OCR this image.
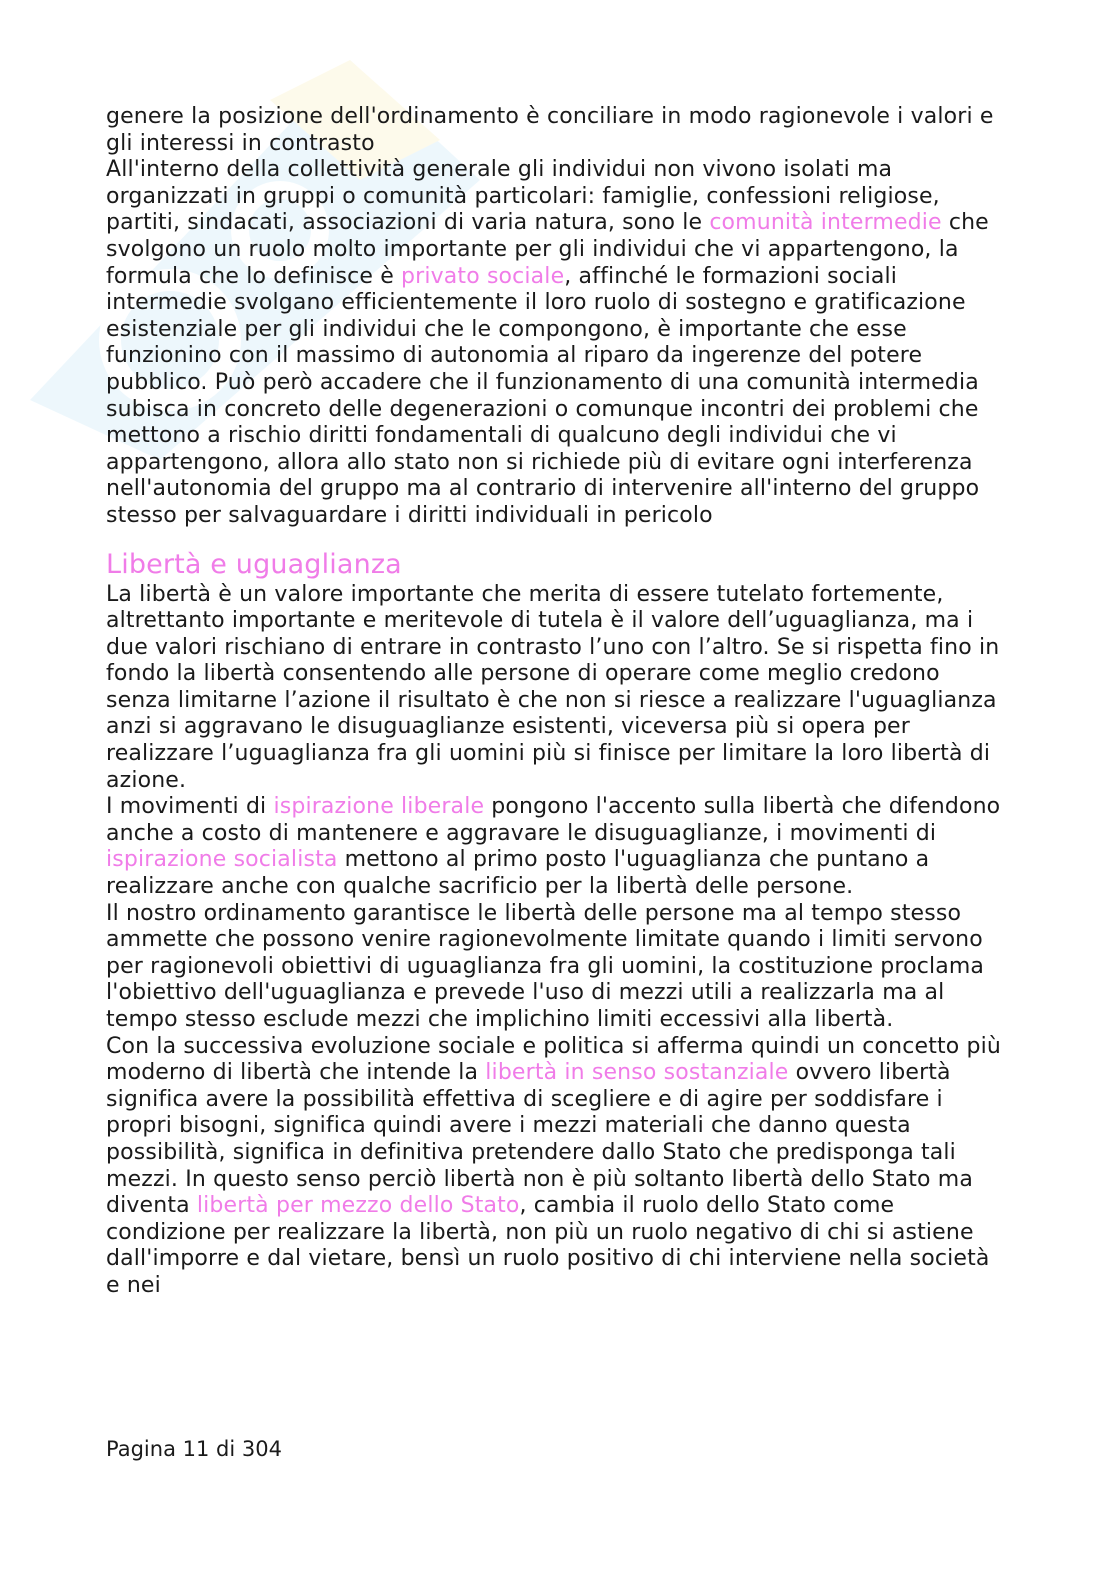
genere la posizione dell'ordinamento è conciliare in modo ragionevole i valori e gli interessi in contrasto

All'interno della collettività generale gli individui non vivono isolati ma organizzati in gruppi o comunità particolari: famiglie, confessioni religiose, partiti, sindacati, associazioni di varia natura, sono le comunità intermedie che svolgono un ruolo molto importante per gli individui che vi appartengono, la formula che lo definisce è privato sociale, affinché le formazioni sociali intermedie svolgano efficientemente il loro ruolo di sostegno e gratificazione esistenziale per gli individui che le compongono, è importante che esse funzionino con il massimo di autonomia al riparo da ingerenze del potere pubblico. Può però accadere che il funzionamento di una comunità intermedia subisca in concreto delle degenerazioni o comunque incontri dei problemi che mettono a rischio diritti fondamentali di qualcuno degli individui che vi appartengono, allora allo stato non si richiede più di evitare ogni interferenza nell'autonomia del gruppo ma al contrario di intervenire all'interno del gruppo stesso per salvaguardare i diritti individuali in pericolo

Libertà e uguaglianza

La libertà è un valore importante che merita di essere tutelato fortemente, altrettanto importante e meritevole di tutela è il valore dell’uguaglianza, ma i due valori rischiano di entrare in contrasto l’uno con l’altro. Se si rispetta fino in fondo la libertà consentendo alle persone di operare come meglio credono senza limitarne l’azione il risultato è che non si riesce a realizzare l'uguaglianza anzi si aggravano le disuguaglianze esistenti, viceversa più si opera per realizzare l’uguaglianza fra gli uomini più si finisce per limitare la loro libertà di azione.

I movimenti di ispirazione liberale pongono l'accento sulla libertà che difendono anche a costo di mantenere e aggravare le disuguaglianze, i movimenti di ispirazione socialista mettono al primo posto l'uguaglianza che puntano a realizzare anche con qualche sacrificio per la libertà delle persone.

Il nostro ordinamento garantisce le libertà delle persone ma al tempo stesso ammette che possono venire ragionevolmente limitate quando i limiti servono per ragionevoli obiettivi di uguaglianza fra gli uomini, la costituzione proclama l'obiettivo dell'uguaglianza e prevede l'uso di mezzi utili a realizzarla ma al tempo stesso esclude mezzi che implichino limiti eccessivi alla libertà.

Con la successiva evoluzione sociale e politica si afferma quindi un concetto più moderno di libertà che intende la libertà in senso sostanziale ovvero libertà significa avere la possibilità effettiva di scegliere e di agire per soddisfare i propri bisogni, significa quindi avere i mezzi materiali che danno questa possibilità, significa in definitiva pretendere dallo Stato che predisponga tali mezzi. In questo senso perciò libertà non è più soltanto libertà dello Stato ma diventa libertà per mezzo dello Stato, cambia il ruolo dello Stato come condizione per realizzare la libertà, non più un ruolo negativo di chi si astiene dall'imporre e dal vietare, bensì un ruolo positivo di chi interviene nella società e nei

Pagina 11 di 304
